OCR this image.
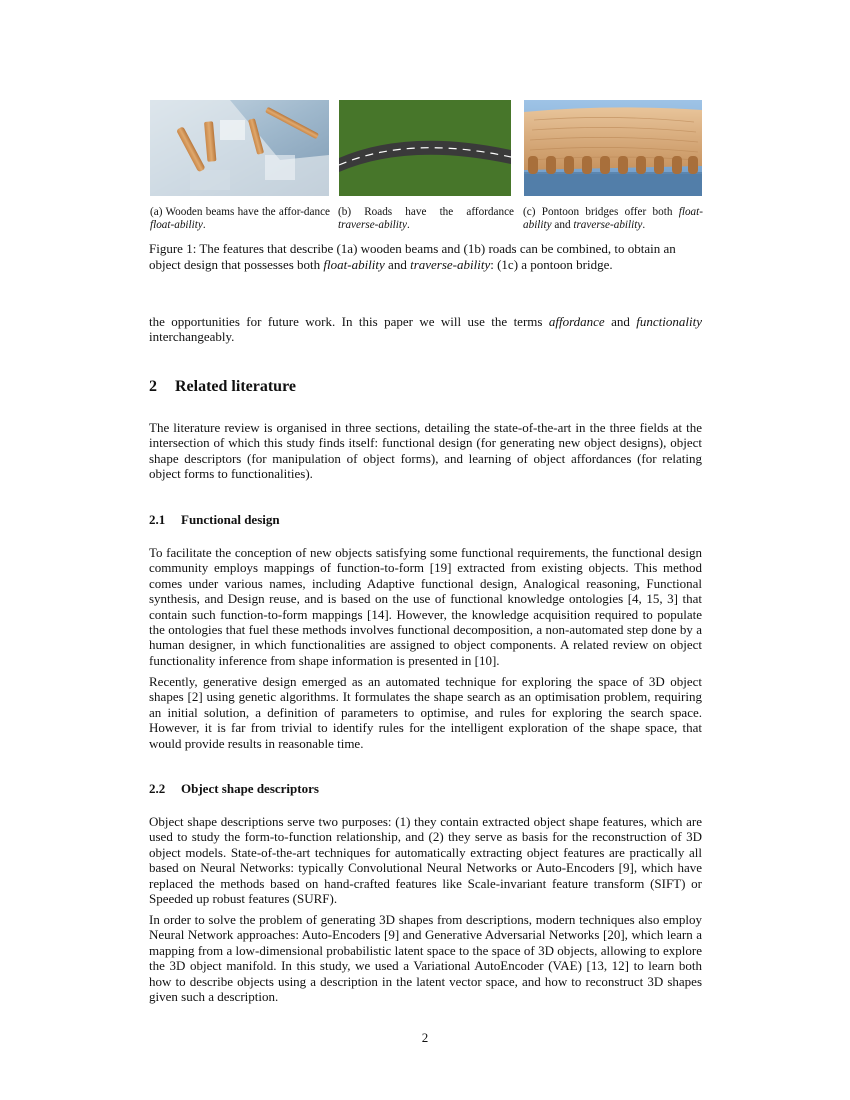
(a) Wooden beams have the affor-dance float-ability.

(b) Roads have the affordance traverse-ability.

(c) Pontoon bridges offer both float-ability and traverse-ability.

Figure 1: The features that describe (1a) wooden beams and (1b) roads can be combined, to obtain an object design that possesses both float-ability and traverse-ability: (1c) a pontoon bridge.

the opportunities for future work. In this paper we will use the terms affordance and functionality interchangeably.

2 Related literature

The literature review is organised in three sections, detailing the state-of-the-art in the three fields at the intersection of which this study finds itself: functional design (for generating new object designs), object shape descriptors (for manipulation of object forms), and learning of object affordances (for relating object forms to functionalities).

2.1 Functional design

To facilitate the conception of new objects satisfying some functional requirements, the functional design community employs mappings of function-to-form [19] extracted from existing objects. This method comes under various names, including Adaptive functional design, Analogical reasoning, Functional synthesis, and Design reuse, and is based on the use of functional knowledge ontologies [4, 15, 3] that contain such function-to-form mappings [14]. However, the knowledge acquisition required to populate the ontologies that fuel these methods involves functional decomposition, a non-automated step done by a human designer, in which functionalities are assigned to object components. A related review on object functionality inference from shape information is presented in [10].

Recently, generative design emerged as an automated technique for exploring the space of 3D object shapes [2] using genetic algorithms. It formulates the shape search as an optimisation problem, requiring an initial solution, a definition of parameters to optimise, and rules for exploring the search space. However, it is far from trivial to identify rules for the intelligent exploration of the shape space, that would provide results in reasonable time.

2.2 Object shape descriptors

Object shape descriptions serve two purposes: (1) they contain extracted object shape features, which are used to study the form-to-function relationship, and (2) they serve as basis for the reconstruction of 3D object models. State-of-the-art techniques for automatically extracting object features are practically all based on Neural Networks: typically Convolutional Neural Networks or Auto-Encoders [9], which have replaced the methods based on hand-crafted features like Scale-invariant feature transform (SIFT) or Speeded up robust features (SURF).

In order to solve the problem of generating 3D shapes from descriptions, modern techniques also employ Neural Network approaches: Auto-Encoders [9] and Generative Adversarial Networks [20], which learn a mapping from a low-dimensional probabilistic latent space to the space of 3D objects, allowing to explore the 3D object manifold. In this study, we used a Variational AutoEncoder (VAE) [13, 12] to learn both how to describe objects using a description in the latent vector space, and how to reconstruct 3D shapes given such a description.

2
